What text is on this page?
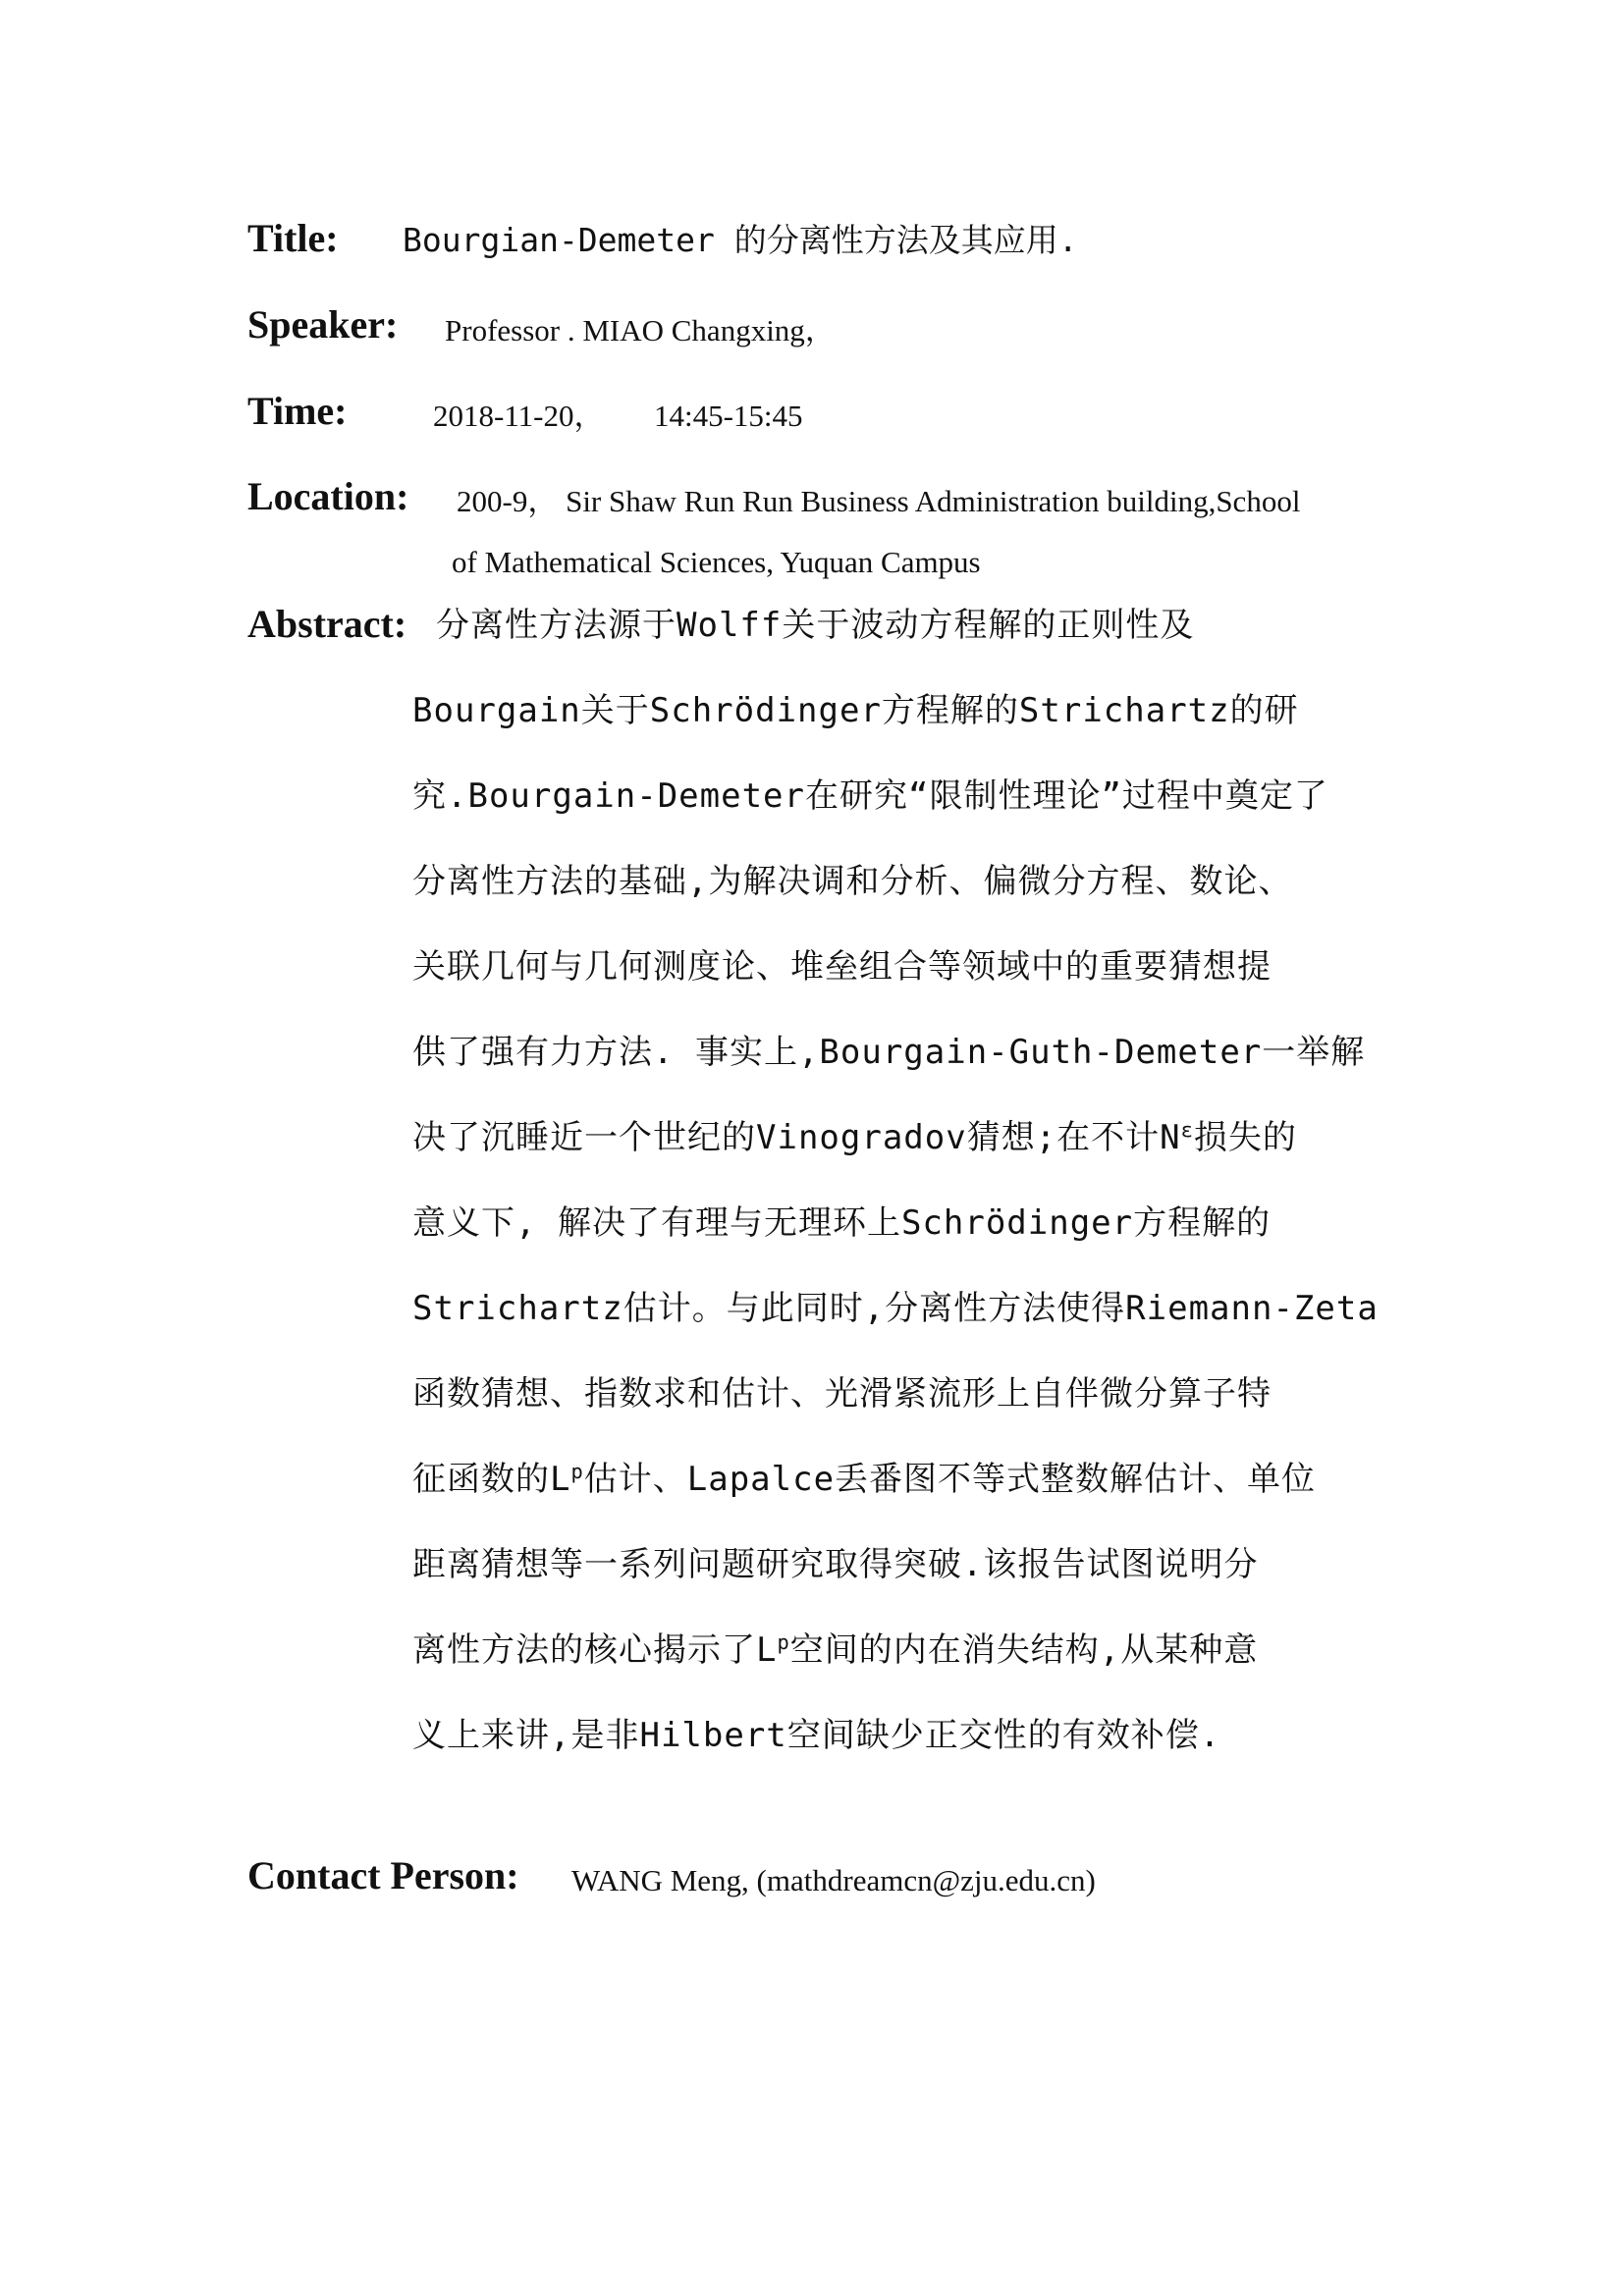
Title: Bourgian-Demeter 的分离性方法及其应用.
Speaker: Professor . MIAO Changxing，
Time:	2018-11-20， 14:45-15:45
Location: 200-9， Sir Shaw Run Run Business Administration building,School
of Mathematical Sciences, Yuquan Campus
Abstract: 分离性方法源于Wolff关于波动方程解的正则性及
Bourgain关于Schrödinger方程解的Strichartz的研
究.Bourgain-Demeter在研究“限制性理论”过程中奠定了
分离性方法的基础,为解决调和分析、偏微分方程、数论、
关联几何与几何测度论、堆垒组合等领域中的重要猜想提
供了强有力方法. 事实上,Bourgain-Guth-Demeter一举解
决了沉睡近一个世纪的Vinogradov猜想;在不计$N^\varepsilon$损失的
意义下, 解决了有理与无理环上Schrödinger方程解的
Strichartz估计。与此同时,分离性方法使得Riemann-Zeta
函数猜想、指数求和估计、光滑紧流形上自伴微分算子特
征函数的$L^p$估计、Lapalce丢番图不等式整数解估计、单位
距离猜想等一系列问题研究取得突破.该报告试图说明分
离性方法的核心揭示了$L^p$空间的内在消失结构,从某种意
义上来讲,是非Hilbert空间缺少正交性的有效补偿.
Contact Person: WANG Meng, (mathdreamcn@zju.edu.cn)
